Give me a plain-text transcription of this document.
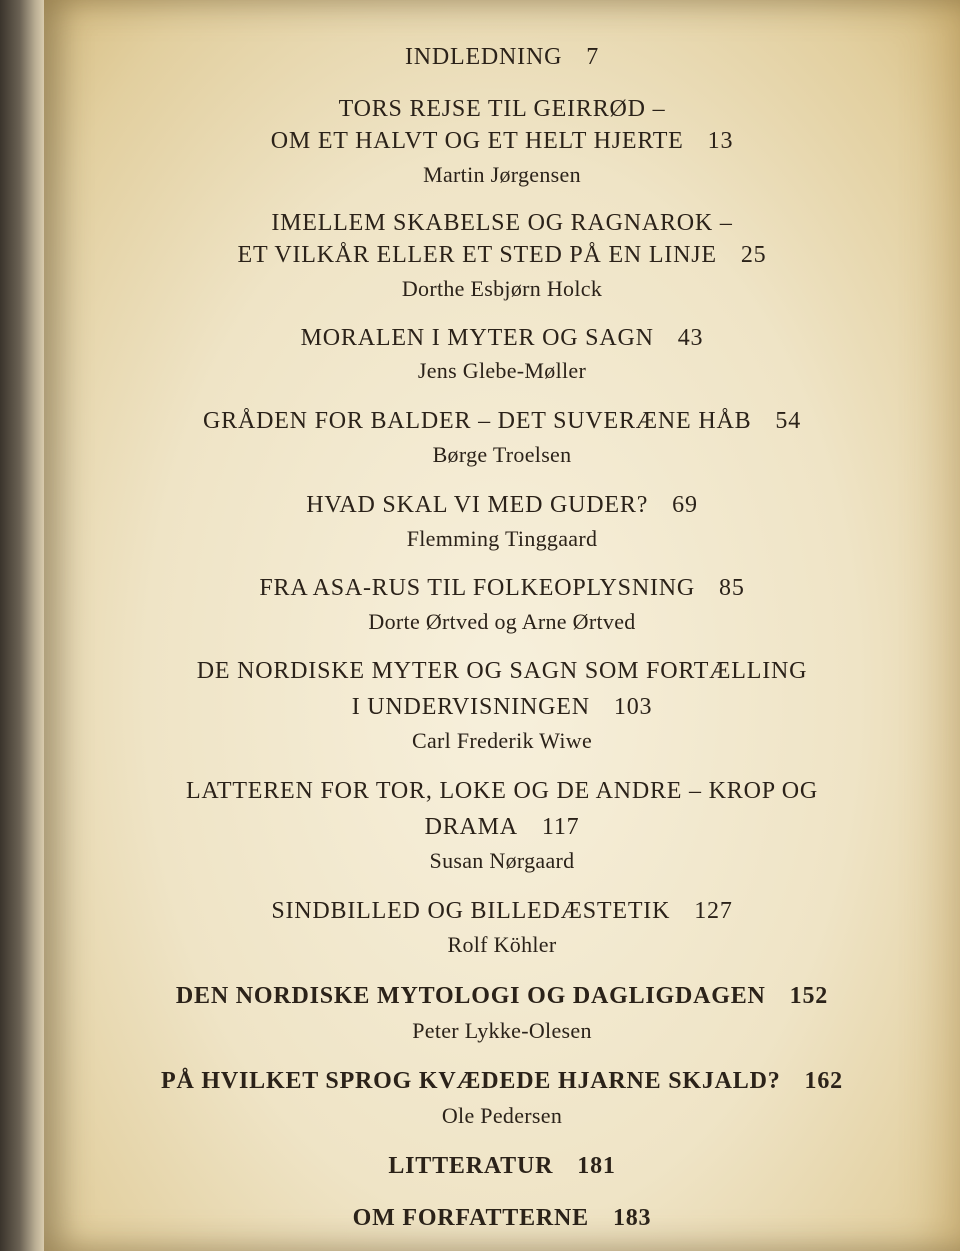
INDLEDNING 7
TORS REJSE TIL GEIRRØD –
OM ET HALVT OG ET HELT HJERTE 13
Martin Jørgensen
IMELLEM SKABELSE OG RAGNAROK –
ET VILKÅR ELLER ET STED PÅ EN LINJE 25
Dorthe Esbjørn Holck
MORALEN I MYTER OG SAGN 43
Jens Glebe-Møller
GRÅDEN FOR BALDER – DET SUVERÆNE HÅB 54
Børge Troelsen
HVAD SKAL VI MED GUDER? 69
Flemming Tinggaard
FRA ASA-RUS TIL FOLKEOPLYSNING 85
Dorte Ørtved og Arne Ørtved
DE NORDISKE MYTER OG SAGN SOM FORTÆLLING
I UNDERVISNINGEN 103
Carl Frederik Wiwe
LATTEREN FOR TOR, LOKE OG DE ANDRE – KROP OG
DRAMA 117
Susan Nørgaard
SINDBILLED OG BILLEDÆSTETIK 127
Rolf Köhler
DEN NORDISKE MYTOLOGI OG DAGLIGDAGEN 152
Peter Lykke-Olesen
PÅ HVILKET SPROG KVÆDEDE HJARNE SKJALD? 162
Ole Pedersen
LITTERATUR 181
OM FORFATTERNE 183
